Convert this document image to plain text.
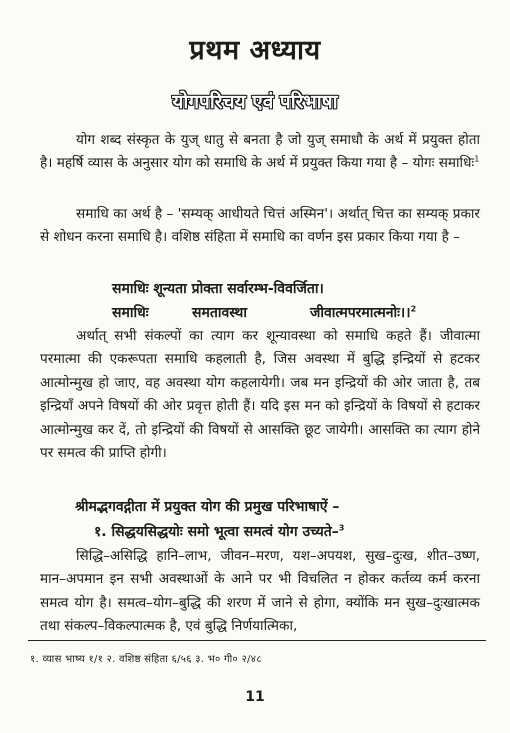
प्रथम अध्याय
योगपरिचय एवं परिभाषा

योग शब्द संस्कृत के युज् धातु से बनता है जो युज् समाधौ के अर्थ में प्रयुक्त होता है। महर्षि व्यास के अनुसार योग को समाधि के अर्थ में प्रयुक्त किया गया है – योगः समाधिः$^1$

समाधि का अर्थ है – 'सम्यक् आधीयते चित्तं अस्मिन'। अर्थात् चित्त का सम्यक् प्रकार से शोधन करना समाधि है। वशिष्ठ संहिता में समाधि का वर्णन इस प्रकार किया गया है –

समाधिः शून्यता प्रोक्ता सर्वारम्भ-विवर्जिता।
समाधिः	समतावस्था	जीवात्मपरमात्मनोः।।$^2$

अर्थात् सभी संकल्पों का त्याग कर शून्यावस्था को समाधि कहते हैं। जीवात्मा परमात्मा की एकरूपता समाधि कहलाती है, जिस अवस्था में बुद्धि इन्द्रियों से हटकर आत्मोन्मुख हो जाए, वह अवस्था योग कहलायेगी। जब मन इन्द्रियों की ओर जाता है, तब इन्द्रियाँ अपने विषयों की ओर प्रवृत्त होती हैं। यदि इस मन को इन्द्रियों के विषयों से हटाकर आत्मोन्मुख कर दें, तो इन्द्रियों की विषयों से आसक्ति छूट जायेगी। आसक्ति का त्याग होने पर समत्व की प्राप्ति होगी।

श्रीमद्भगवद्गीता में प्रयुक्त योग की प्रमुख परिभाषाऐं –
१. सिद्धयसिद्धयोः समो भूत्वा समत्वं योग उच्यते–$^3$

सिद्धि–असिद्धि हानि–लाभ, जीवन–मरण, यश–अपयश, सुख–दुःख, शीत–उष्ण, मान–अपमान इन सभी अवस्थाओं के आने पर भी विचलित न होकर कर्तव्य कर्म करना समत्व योग है। समत्व–योग–बुद्धि की शरण में जाने से होगा, क्योंकि मन सुख–दुःखात्मक तथा संकल्प–विकल्पात्मक है, एवं बुद्धि निर्णयात्मिका,

१. व्यास भाष्य १/१ २. वशिष्ठ संहिता ६/५६ ३. भ० गी० २/४८
11
